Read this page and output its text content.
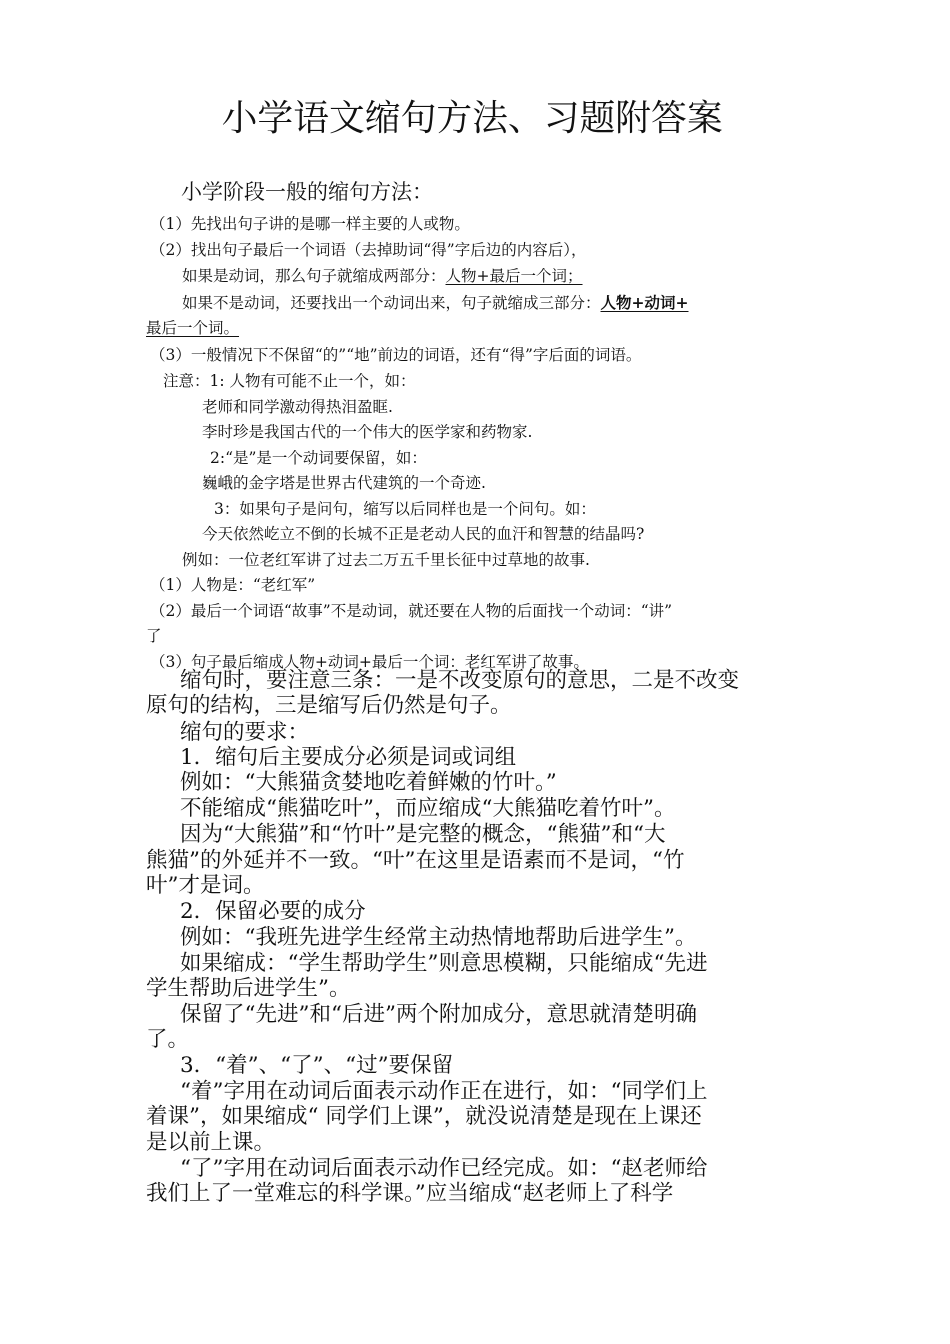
小学语文缩句方法、习题附答案
小学阶段一般的缩句方法：
（1）先找出句子讲的是哪一样主要的人或物。
（2）找出句子最后一个词语（去掉助词“得”字后边的内容后），
如果是动词，那么句子就缩成两部分：人物+最后一个词；
如果不是动词，还要找出一个动词出来，句子就缩成三部分：人物+动词+
最后一个词。
（3）一般情况下不保留“的”“地”前边的词语，还有“得”字后面的词语。
注意：1: 人物有可能不止一个，如：
老师和同学激动得热泪盈眶.
李时珍是我国古代的一个伟大的医学家和药物家.
2:“是”是一个动词要保留，如：
巍峨的金字塔是世界古代建筑的一个奇迹.
3：如果句子是问句，缩写以后同样也是一个问句。如：
今天依然屹立不倒的长城不正是老动人民的血汗和智慧的结晶吗?
例如：一位老红军讲了过去二万五千里长征中过草地的故事.
（1）人物是：“老红军”
（2）最后一个词语“故事”不是动词，就还要在人物的后面找一个动词：“讲”
了
（3）句子最后缩成人物+动词+最后一个词：老红军讲了故事。
缩句时，要注意三条：一是不改变原句的意思，二是不改变
原句的结构，三是缩写后仍然是句子。
缩句的要求：
1．缩句后主要成分必须是词或词组
例如：“大熊猫贪婪地吃着鲜嫩的竹叶。”
不能缩成“熊猫吃叶”，而应缩成“大熊猫吃着竹叶”。
因为“大熊猫”和“竹叶”是完整的概念，“熊猫”和“大
熊猫”的外延并不一致。“叶”在这里是语素而不是词，“竹
叶”才是词。
2．保留必要的成分
例如：“我班先进学生经常主动热情地帮助后进学生”。
如果缩成：“学生帮助学生”则意思模糊，只能缩成“先进
学生帮助后进学生”。
保留了“先进”和“后进”两个附加成分，意思就清楚明确
了。
3．“着”、“了”、“过”要保留
“着”字用在动词后面表示动作正在进行，如：“同学们上
着课”，如果缩成“ 同学们上课”，就没说清楚是现在上课还
是以前上课。
“了”字用在动词后面表示动作已经完成。如：“赵老师给
我们上了一堂难忘的科学课。”应当缩成“赵老师上了科学
